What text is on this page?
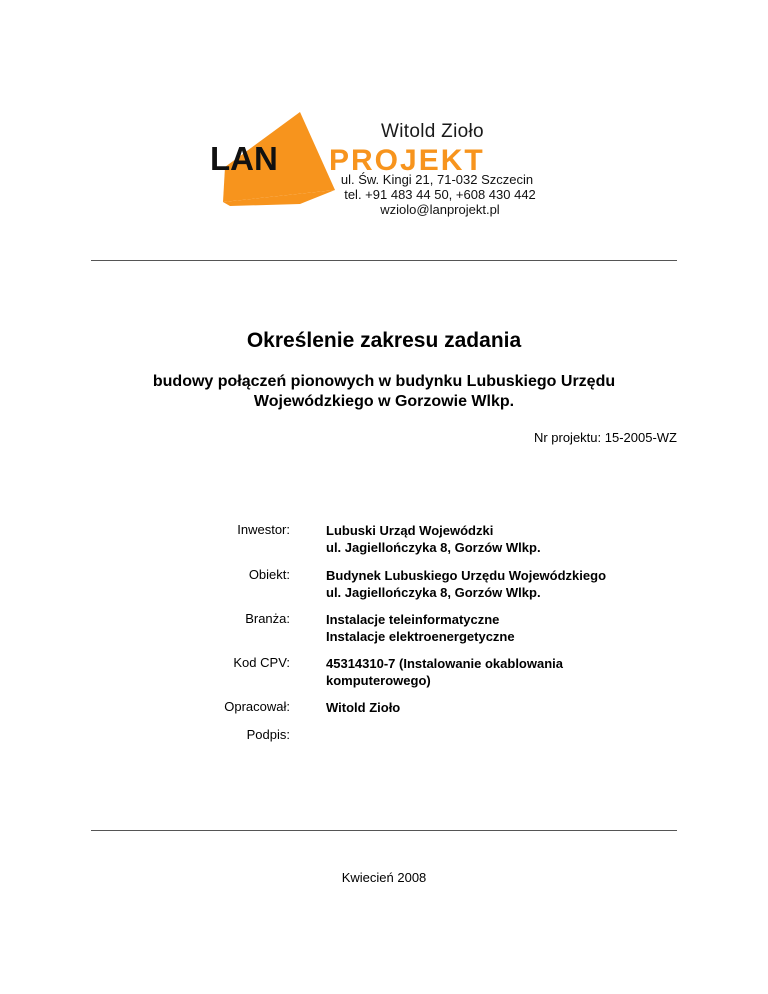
LAN PROJEKT
Witold Zioło
ul. Św. Kingi 21, 71-032 Szczecin
tel. +91 483 44 50, +608 430 442
wziolo@lanprojekt.pl
Określenie zakresu zadania
budowy połączeń pionowych w budynku Lubuskiego Urzędu
Wojewódzkiego w Gorzowie Wlkp.
Nr projektu: 15-2005-WZ
Inwestor:	Lubuski Urząd Wojewódzki
ul. Jagiellończyka 8, Gorzów Wlkp.
Obiekt:	Budynek Lubuskiego Urzędu Wojewódzkiego
ul. Jagiellończyka 8, Gorzów Wlkp.
Branża:	Instalacje teleinformatyczne
Instalacje elektroenergetyczne
Kod CPV:	45314310-7 (Instalowanie okablowania
komputerowego)
Opracował:	Witold Zioło
Podpis:
Kwiecień 2008
